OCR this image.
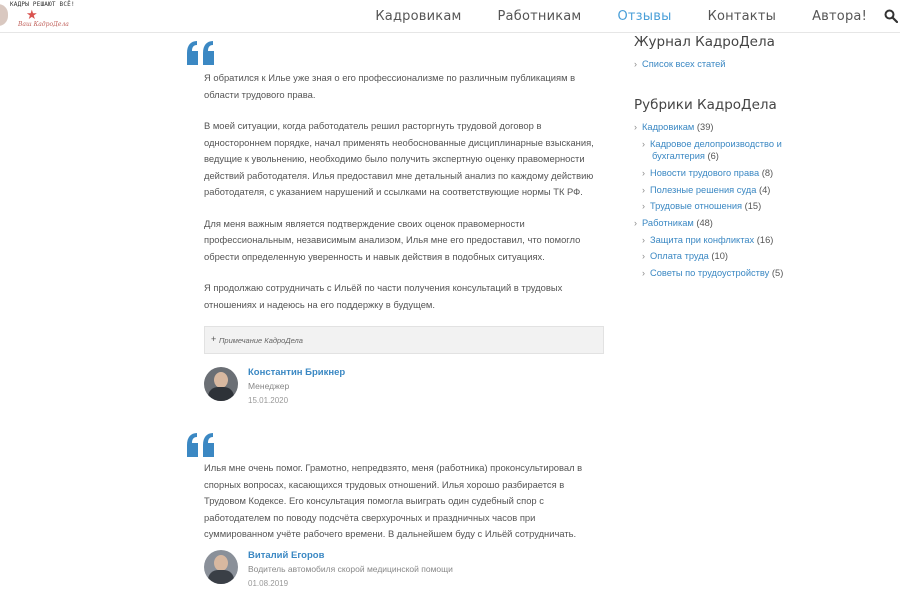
КАДРЫ РЕШАЮТ ВСЁ!
★
Ваш КадроДела
Кадровикам	Работникам	Отзывы	Контакты	Автора!

Я обратился к Илье уже зная о его профессионализме по различным публикациям в области трудового права.

В моей ситуации, когда работодатель решил расторгнуть трудовой договор в одностороннем порядке, начал применять необоснованные дисциплинарные взыскания, ведущие к увольнению, необходимо было получить экспертную оценку правомерности действий работодателя. Илья предоставил мне детальный анализ по каждому действию работодателя, с указанием нарушений и ссылками на соответствующие нормы ТК РФ.

Для меня важным является подтверждение своих оценок правомерности профессиональным, независимым анализом, Илья мне его предоставил, что помогло обрести определенную уверенность и навык действия в подобных ситуациях.

Я продолжаю сотрудничать с Ильёй по части получения консультаций в трудовых отношениях и надеюсь на его поддержку в будущем.

+ Примечание КадроДела
Константин Брикнер
Менеджер
15.01.2020

Илья мне очень помог. Грамотно, непредвзято, меня (работника) проконсультировал в спорных вопросах, касающихся трудовых отношений. Илья хорошо разбирается в Трудовом Кодексе. Его консультация помогла выиграть один судебный спор с работодателем по поводу подсчёта сверхурочных и праздничных часов при суммированном учёте рабочего времени. В дальнейшем буду с Ильёй сотрудничать.

Виталий Егоров
Водитель автомобиля скорой медицинской помощи
01.08.2019
Журнал КадроДела
› Список всех статей
Рубрики КадроДела
› Кадровикам (39)
› Кадровое делопроизводство и
бухгалтерия (6)
› Новости трудового права (8)
› Полезные решения суда (4)
› Трудовые отношения (15)
› Работникам (48)
› Защита при конфликтах (16)
› Оплата труда (10)
› Советы по трудоустройству (5)
